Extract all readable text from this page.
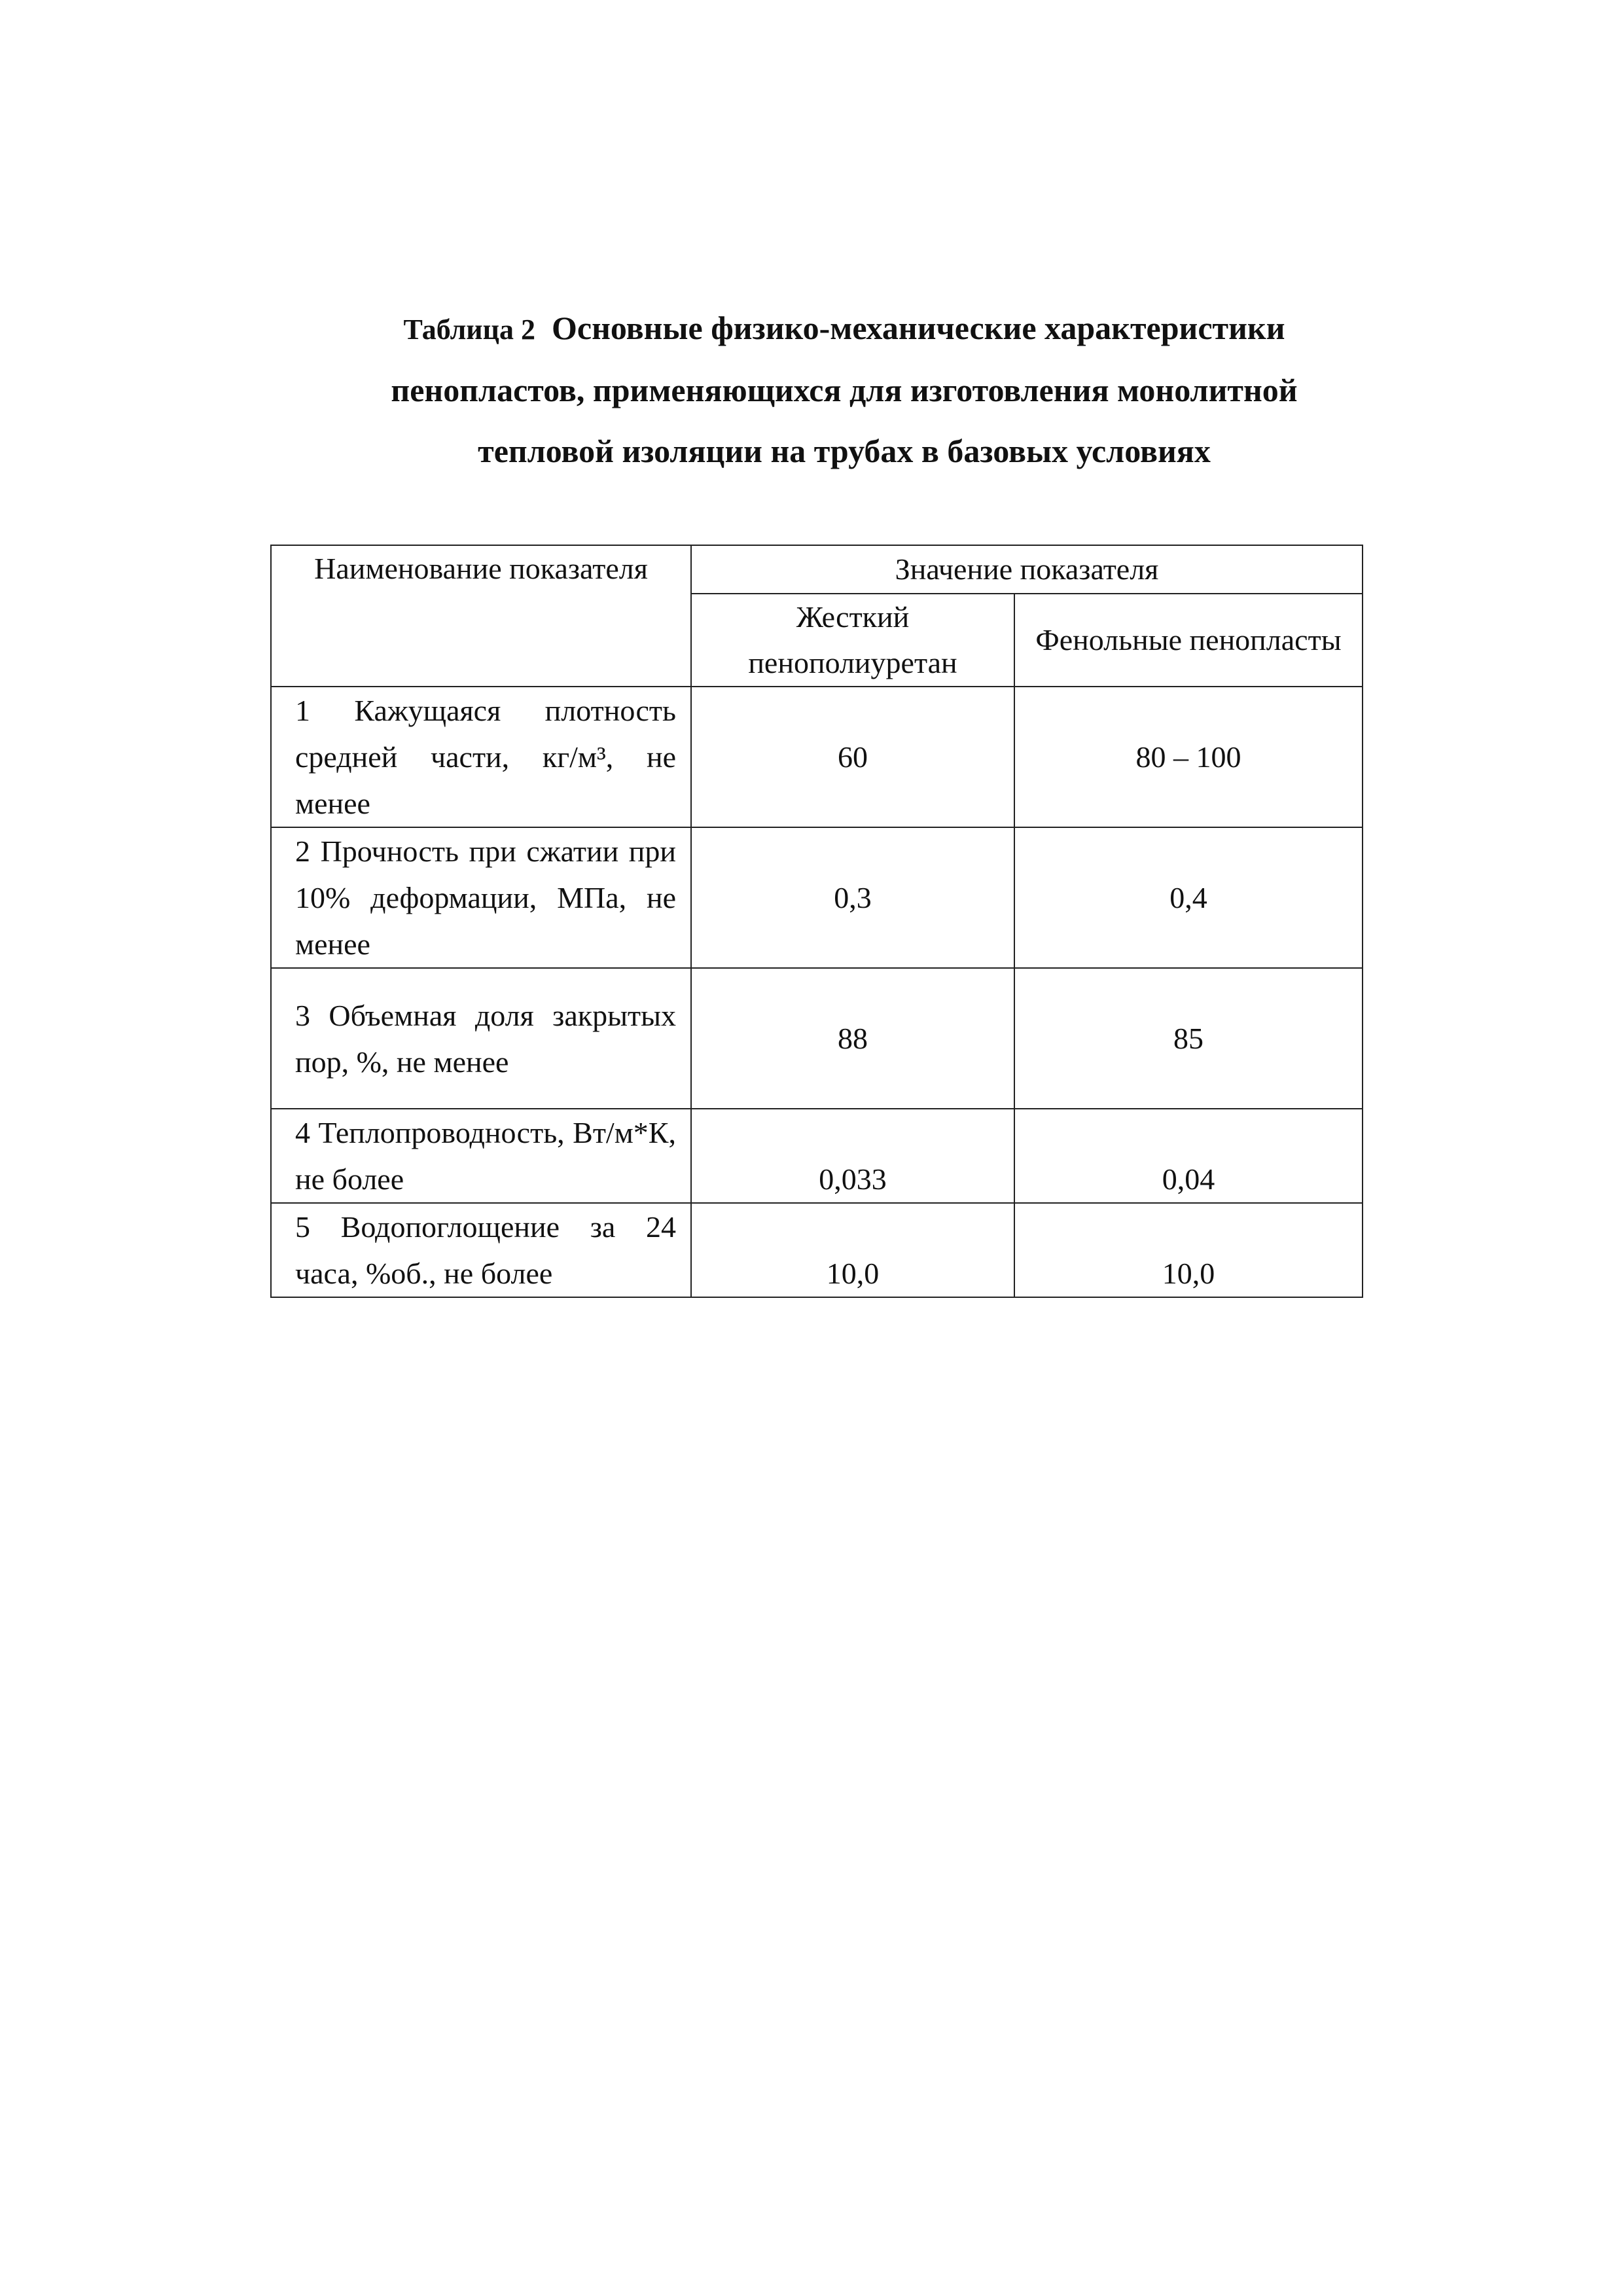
Таблица 2 Основные физико-механические характеристики
пенопластов, применяющихся для изготовления монолитной
тепловой изоляции на трубах в базовых условиях
Наименование показателя	Значение показателя	
	Жесткий пенополиуретан	Фенольные пенопласты

1 Кажущаяся плотность средней части, кг/м³, не менее	60	80 – 100

2 Прочность при сжатии при 10% деформации, МПа, не менее	0,3	0,4

3 Объемная доля закрытых пор, %, не менее	88	85

4 Теплопроводность, Вт/м*К, не более	0,033	0,04

5 Водопоглощение за 24 часа, %об., не более	10,0	10,0
